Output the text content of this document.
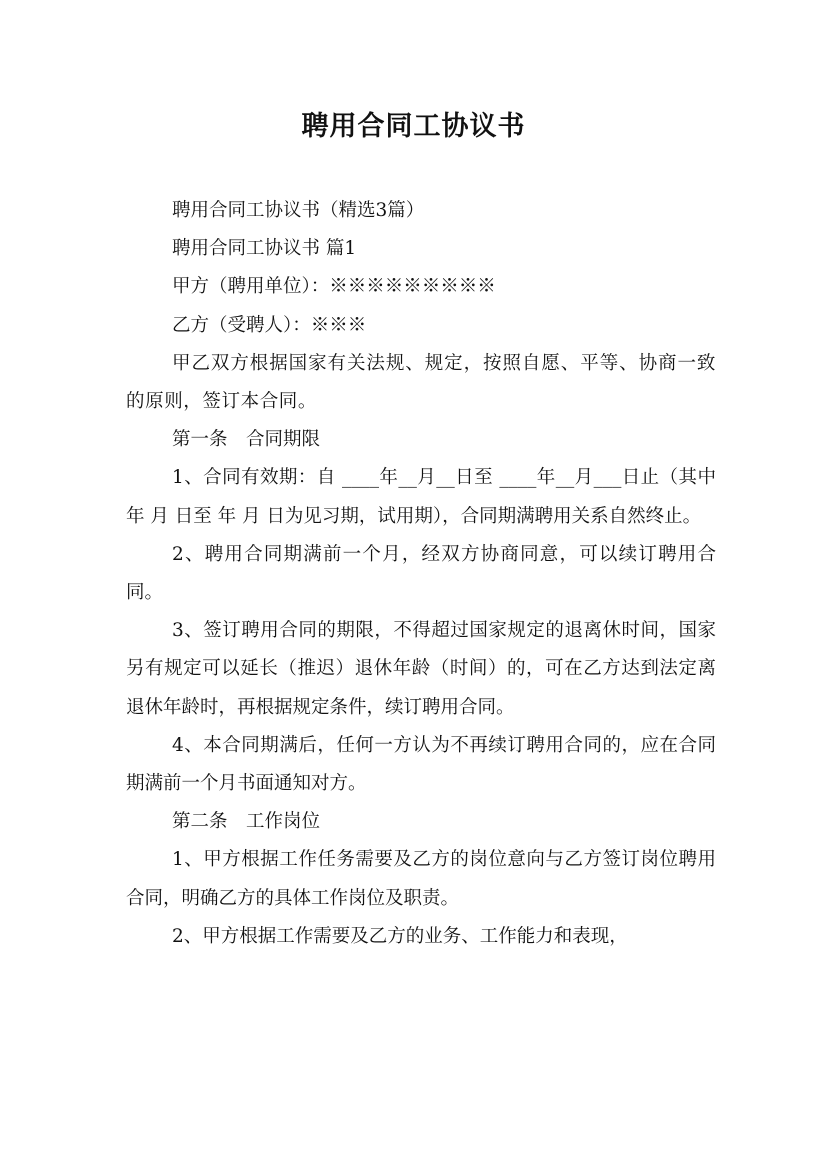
聘用合同工协议书

聘用合同工协议书（精选3篇）

聘用合同工协议书 篇1

甲方（聘用单位）：※※※※※※※※※

乙方（受聘人）：※※※

甲乙双方根据国家有关法规、规定，按照自愿、平等、协商一致的原则，签订本合同。

第一条　合同期限

1、合同有效期：自 ____年__月__日至 ____年__月___日止（其中 年 月 日至 年 月 日为见习期，试用期），合同期满聘用关系自然终止。

2、聘用合同期满前一个月，经双方协商同意，可以续订聘用合同。

3、签订聘用合同的期限，不得超过国家规定的退离休时间，国家另有规定可以延长（推迟）退休年龄（时间）的，可在乙方达到法定离退休年龄时，再根据规定条件，续订聘用合同。

4、本合同期满后，任何一方认为不再续订聘用合同的，应在合同期满前一个月书面通知对方。

第二条　工作岗位

1、甲方根据工作任务需要及乙方的岗位意向与乙方签订岗位聘用合同，明确乙方的具体工作岗位及职责。

2、甲方根据工作需要及乙方的业务、工作能力和表现，
